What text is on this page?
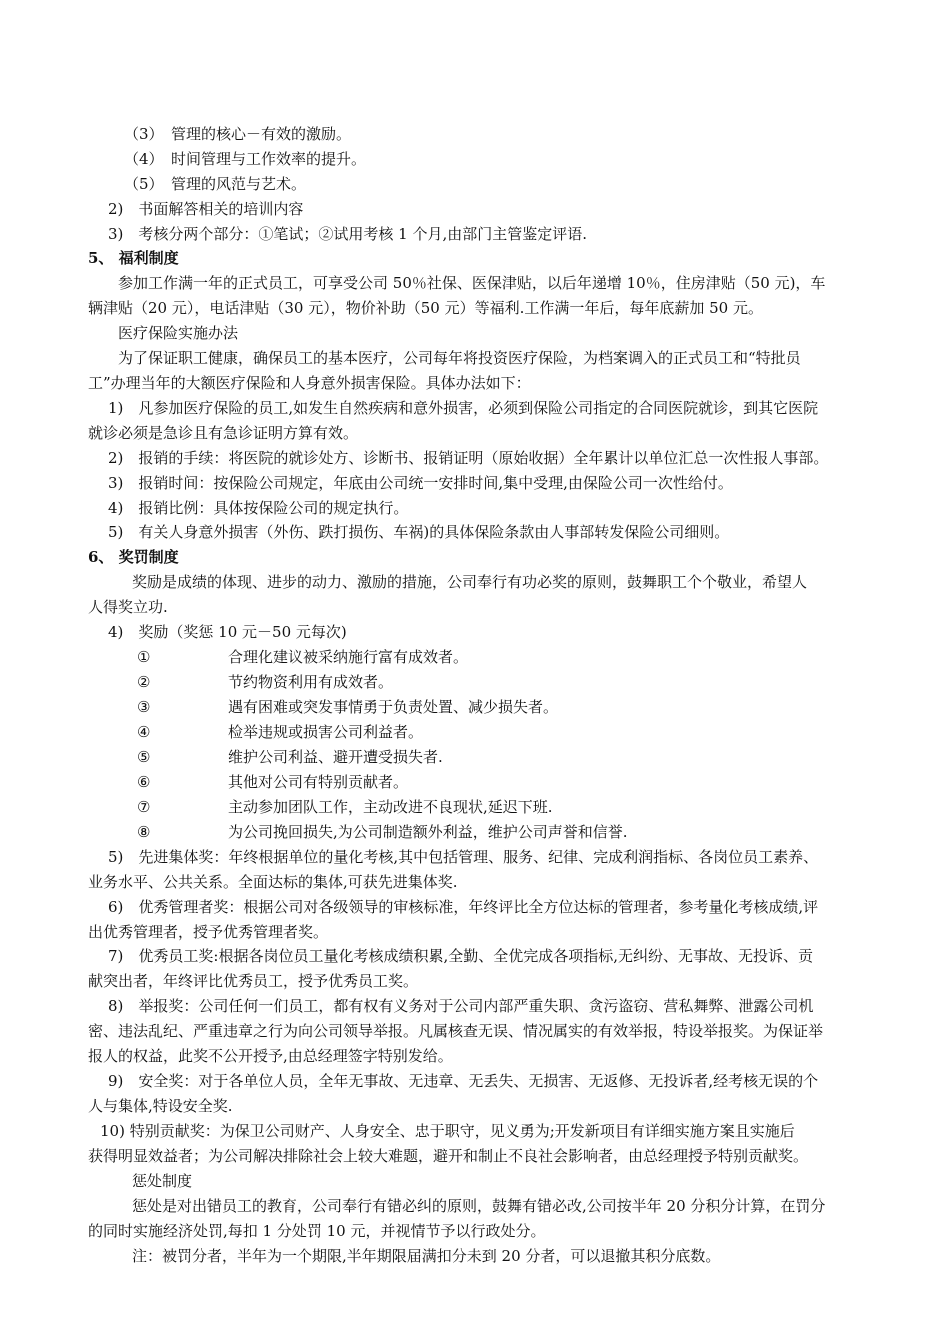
（3）　管理的核心－有效的激励。
（4）　时间管理与工作效率的提升。
（5）　管理的风范与艺术。
2)　书面解答相关的培训内容
3)　考核分两个部分：①笔试；②试用考核 1 个月,由部门主管鉴定评语.
5、 福利制度
参加工作满一年的正式员工，可享受公司 50％社保、医保津贴，以后年递增 10％，住房津贴（50 元)，车
辆津贴（20 元），电话津贴（30 元），物价补助（50 元）等福利.工作满一年后，每年底薪加 50 元。
医疗保险实施办法
为了保证职工健康，确保员工的基本医疗，公司每年将投资医疗保险，为档案调入的正式员工和“特批员
工”办理当年的大额医疗保险和人身意外损害保险。具体办法如下：
1)　凡参加医疗保险的员工,如发生自然疾病和意外损害，必须到保险公司指定的合同医院就诊，到其它医院
就诊必须是急诊且有急诊证明方算有效。
2)　报销的手续：将医院的就诊处方、诊断书、报销证明（原始收据）全年累计以单位汇总一次性报人事部。
3)　报销时间：按保险公司规定，年底由公司统一安排时间,集中受理,由保险公司一次性给付。
4)　报销比例：具体按保险公司的规定执行。
5)　有关人身意外损害（外伤、跌打损伤、车祸)的具体保险条款由人事部转发保险公司细则。
6、 奖罚制度
奖励是成绩的体现、进步的动力、激励的措施，公司奉行有功必奖的原则，鼓舞职工个个敬业，希望人
人得奖立功.
4)　奖励（奖惩 10 元－50 元每次)
①	合理化建议被采纳施行富有成效者。
②	节约物资利用有成效者。
③	遇有困难或突发事情勇于负责处置、减少损失者。
④	检举违规或损害公司利益者。
⑤	维护公司利益、避开遭受损失者.
⑥	其他对公司有特别贡献者。
⑦	主动参加团队工作，主动改进不良现状,延迟下班.
⑧	为公司挽回损失,为公司制造额外利益，维护公司声誉和信誉.
5)　先进集体奖：年终根据单位的量化考核,其中包括管理、服务、纪律、完成利润指标、各岗位员工素养、
业务水平、公共关系。全面达标的集体,可获先进集体奖.
6)　优秀管理者奖：根据公司对各级领导的审核标准，年终评比全方位达标的管理者，参考量化考核成绩,评
出优秀管理者，授予优秀管理者奖。
7)　优秀员工奖:根据各岗位员工量化考核成绩积累,全勤、全优完成各项指标,无纠纷、无事故、无投诉、贡
献突出者，年终评比优秀员工，授予优秀员工奖。
8)　举报奖：公司任何一们员工，都有权有义务对于公司内部严重失职、贪污盗窃、营私舞弊、泄露公司机
密、违法乱纪、严重违章之行为向公司领导举报。凡属核查无误、情况属实的有效举报，特设举报奖。为保证举
报人的权益，此奖不公开授予,由总经理签字特别发给。
9)　安全奖：对于各单位人员，全年无事故、无违章、无丢失、无损害、无返修、无投诉者,经考核无误的个
人与集体,特设安全奖.
10) 特别贡献奖：为保卫公司财产、人身安全、忠于职守，见义勇为;开发新项目有详细实施方案且实施后
获得明显效益者；为公司解决排除社会上较大难题，避开和制止不良社会影响者，由总经理授予特别贡献奖。
惩处制度
惩处是对出错员工的教育，公司奉行有错必纠的原则，鼓舞有错必改,公司按半年 20 分积分计算，在罚分
的同时实施经济处罚,每扣 1 分处罚 10 元，并视情节予以行政处分。
注：被罚分者，半年为一个期限,半年期限届满扣分未到 20 分者，可以退撤其积分底数。
